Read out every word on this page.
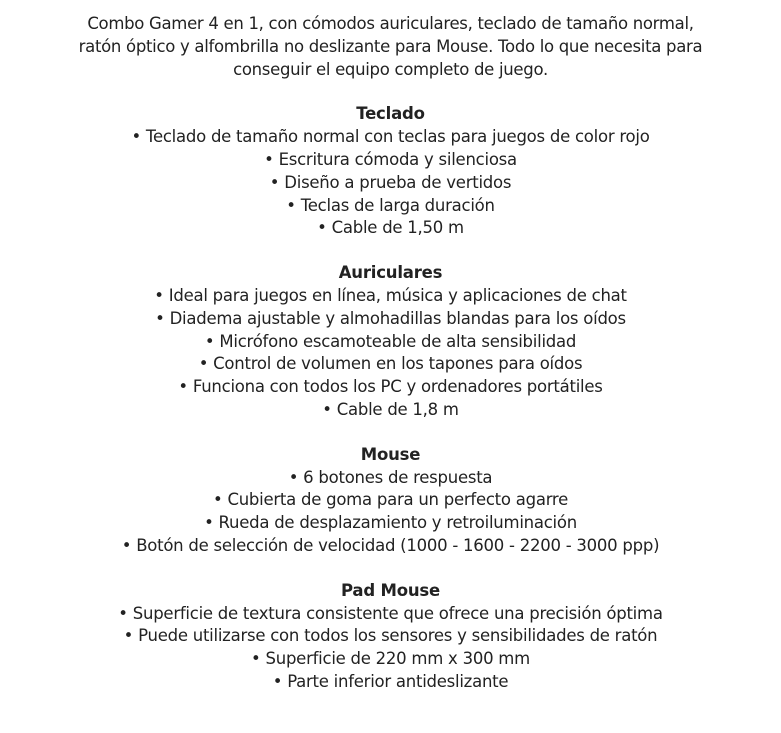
Combo Gamer 4 en 1, con cómodos auriculares, teclado de tamaño normal,
ratón óptico y alfombrilla no deslizante para Mouse. Todo lo que necesita para
conseguir el equipo completo de juego.
Teclado
• Teclado de tamaño normal con teclas para juegos de color rojo
• Escritura cómoda y silenciosa
• Diseño a prueba de vertidos
• Teclas de larga duración
• Cable de 1,50 m
Auriculares
• Ideal para juegos en línea, música y aplicaciones de chat
• Diadema ajustable y almohadillas blandas para los oídos
• Micrófono escamoteable de alta sensibilidad
• Control de volumen en los tapones para oídos
• Funciona con todos los PC y ordenadores portátiles
• Cable de 1,8 m
Mouse
• 6 botones de respuesta
• Cubierta de goma para un perfecto agarre
• Rueda de desplazamiento y retroiluminación
• Botón de selección de velocidad (1000 - 1600 - 2200 - 3000 ppp)
Pad Mouse
• Superficie de textura consistente que ofrece una precisión óptima
• Puede utilizarse con todos los sensores y sensibilidades de ratón
• Superficie de 220 mm x 300 mm
• Parte inferior antideslizante
